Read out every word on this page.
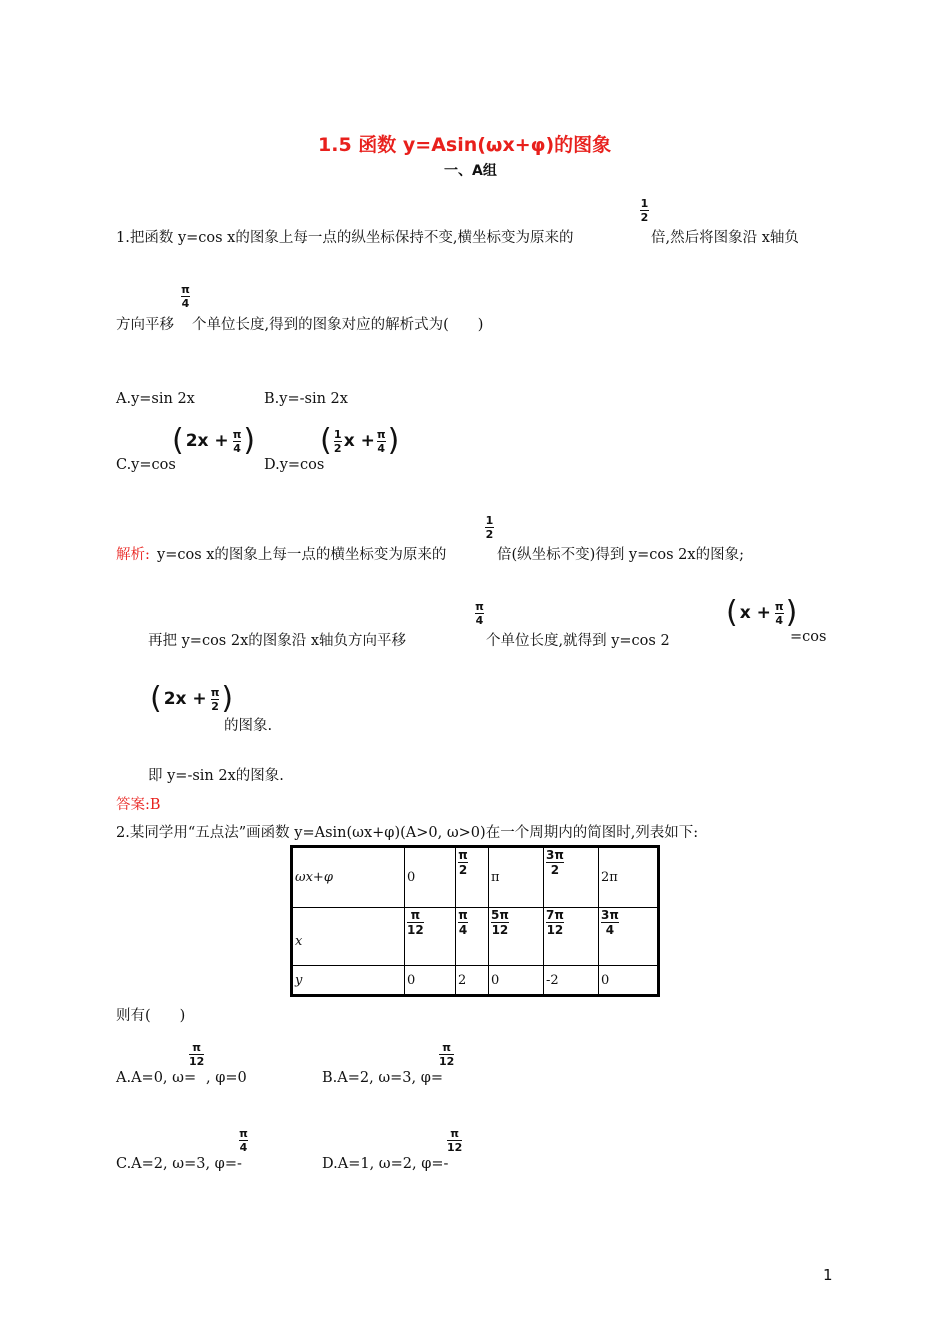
1.5 函数 y=Asin(ωx+φ)的图象
一、A组
1.把函数 y=cos x的图象上每一点的纵坐标保持不变,横坐标变为原来的
1
2
倍,然后将图象沿 x轴负
方向平移
π
4
个单位长度,得到的图象对应的解析式为(　　)
A.y=sin 2x	B.y=-sin 2x
( 2x + π
4 )
C.y=cos
( 1
2 x + π
4 )
D.y=cos
解析: y=cos x的图象上每一点的横坐标变为原来的
1
2
倍(纵坐标不变)得到 y=cos 2x的图象;
再把 y=cos 2x的图象沿 x轴负方向平移
π
4
个单位长度,就得到 y=cos 2
( x + π
4 )
=cos
( 2x + π
2 )
的图象.
即 y=-sin 2x的图象.
答案:B
2.某同学用“五点法”画函数 y=Asin(ωx+φ)(A>0, ω>0)在一个周期内的简图时,列表如下:
ωx+φ	0	$\frac{\pi}{2}$	π	$\frac{3\pi}{2}$	2π
x	$\frac{\pi}{12}$	$\frac{\pi}{4}$	$\frac{5\pi}{12}$	$\frac{7\pi}{12}$	$\frac{3\pi}{4}$

y	0	2	0	-2	0
则有(　　)
A.A=0, ω=
π
12
, φ=0	B.A=2, ω=3, φ=
π
12
C.A=2, ω=3, φ=-
π
4
D.A=1, ω=2, φ=-
π
12
1
